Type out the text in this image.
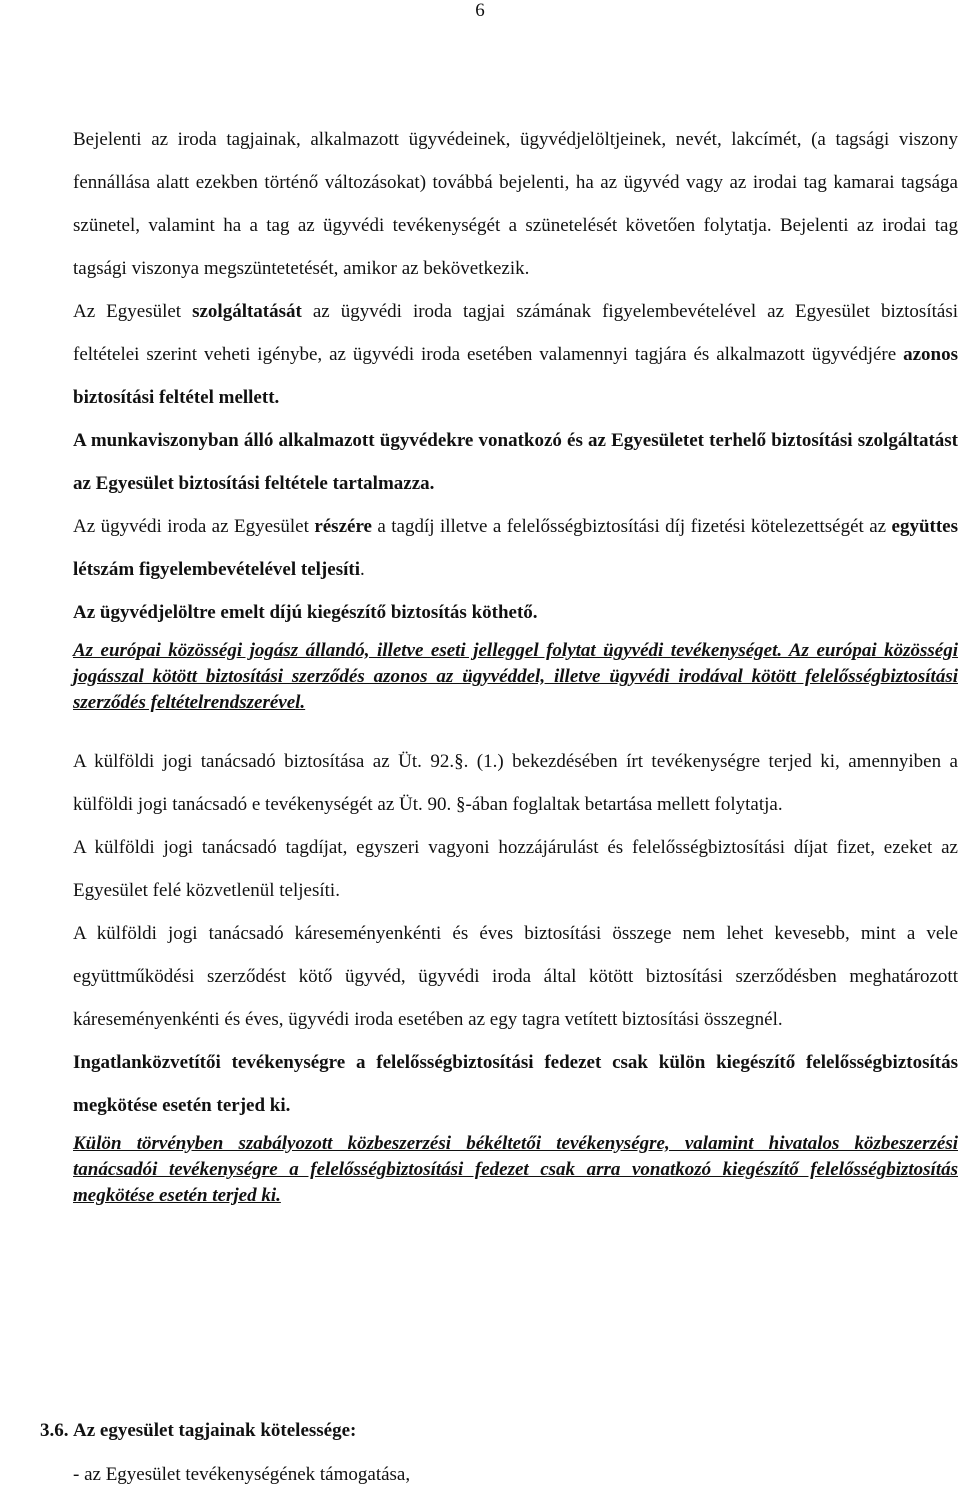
6

Bejelenti az iroda tagjainak, alkalmazott ügyvédeinek, ügyvédjelöltjeinek, nevét, lakcímét, (a tagsági viszony fennállása alatt ezekben történő változásokat) továbbá bejelenti, ha az ügyvéd vagy az irodai tag kamarai tagsága szünetel, valamint ha a tag az ügyvédi tevékenységét a szünetelését követően folytatja. Bejelenti az irodai tag tagsági viszonya megszüntetetését, amikor az bekövetkezik.

Az Egyesület szolgáltatását az ügyvédi iroda tagjai számának figyelembevételével az Egyesület biztosítási feltételei szerint veheti igénybe, az ügyvédi iroda esetében valamennyi tagjára és alkalmazott ügyvédjére azonos biztosítási feltétel mellett.

A munkaviszonyban álló alkalmazott ügyvédekre vonatkozó és az Egyesületet terhelő biztosítási szolgáltatást az Egyesület biztosítási feltétele tartalmazza.

Az ügyvédi iroda az Egyesület részére a tagdíj illetve a felelősségbiztosítási díj fizetési kötelezettségét az együttes létszám figyelembevételével teljesíti.

Az ügyvédjelöltre emelt díjú kiegészítő biztosítás köthető.

Az európai közösségi jogász állandó, illetve eseti jelleggel folytat ügyvédi tevékenységet. Az európai közösségi jogásszal kötött biztosítási szerződés azonos az ügyvéddel, illetve ügyvédi irodával kötött felelősségbiztosítási szerződés feltételrendszerével.

A külföldi jogi tanácsadó biztosítása az Üt. 92.§. (1.) bekezdésében írt tevékenységre terjed ki, amennyiben a külföldi jogi tanácsadó e tevékenységét az Üt. 90. §-ában foglaltak betartása mellett folytatja.

A külföldi jogi tanácsadó tagdíjat, egyszeri vagyoni hozzájárulást és felelősségbiztosítási díjat fizet, ezeket az Egyesület felé közvetlenül teljesíti.

A külföldi jogi tanácsadó káreseményenkénti és éves biztosítási összege nem lehet kevesebb, mint a vele együttműködési szerződést kötő ügyvéd, ügyvédi iroda által kötött biztosítási szerződésben meghatározott káreseményenkénti és éves, ügyvédi iroda esetében az egy tagra vetített biztosítási összegnél.

Ingatlanközvetítői tevékenységre a felelősségbiztosítási fedezet csak külön kiegészítő felelősségbiztosítás megkötése esetén terjed ki.

Külön törvényben szabályozott közbeszerzési békéltetői tevékenységre, valamint hivatalos közbeszerzési tanácsadói tevékenységre a felelősségbiztosítási fedezet csak arra vonatkozó kiegészítő felelősségbiztosítás megkötése esetén terjed ki.

3.6. Az egyesület tagjainak kötelessége:
- az Egyesület tevékenységének támogatása,
